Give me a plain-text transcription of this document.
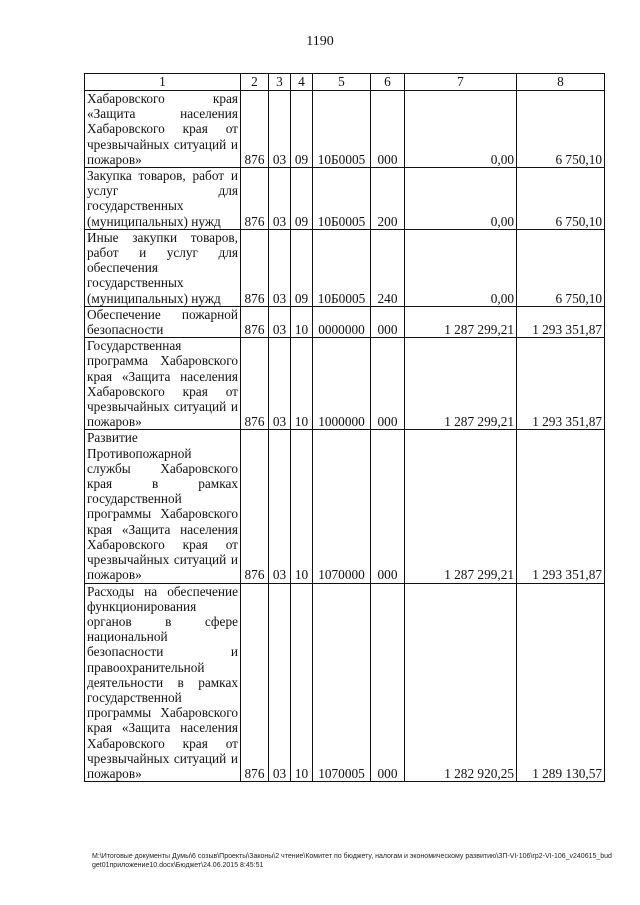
1190
1	2	3	4	5	6	7	8
Хабаровского края «Защита населения Хабаровского края от чрезвычайных ситуаций и пожаров»	876	03	09	10Б0005	000	0,00	6 750,10
Закупка товаров, работ и услуг для государственных (муниципальных) нужд	876	03	09	10Б0005	200	0,00	6 750,10
Иные закупки товаров, работ и услуг для обеспечения государственных (муниципальных) нужд	876	03	09	10Б0005	240	0,00	6 750,10
Обеспечение пожарной безопасности	876	03	10	0000000	000	1 287 299,21	1 293 351,87
Государственная программа Хабаровского края «Защита населения Хабаровского края от чрезвычайных ситуаций и пожаров»	876	03	10	1000000	000	1 287 299,21	1 293 351,87
Развитие Противопожарной службы Хабаровского края в рамках государственной программы Хабаровского края «Защита населения Хабаровского края от чрезвычайных ситуаций и пожаров»	876	03	10	1070000	000	1 287 299,21	1 293 351,87
Расходы на обеспечение функционирования органов в сфере национальной безопасности и правоохранительной деятельности в рамках государственной программы Хабаровского края «Защита населения Хабаровского края от чрезвычайных ситуаций и пожаров»	876	03	10	1070005	000	1 282 920,25	1 289 130,57
M:\Итоговые документы Думы\6 созыв\Проекты\Законы\2 чтение\Комитет по бюджету, налогам и экономическому развитию\ЗП-VI-106\гр2-VI-106_v240615_budget01приложение10.docx\Бюджет\24.06.2015 8:45:51
